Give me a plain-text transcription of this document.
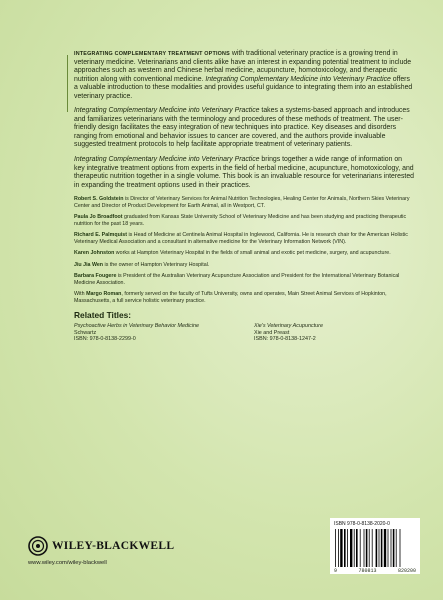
INTEGRATING COMPLEMENTARY TREATMENT OPTIONS with traditional veterinary practice is a growing trend in veterinary medicine. Veterinarians and clients alike have an interest in expanding potential treatment to include approaches such as western and Chinese herbal medicine, acupuncture, homotoxicology, and therapeutic nutrition along with conventional medicine. Integrating Complementary Medicine into Veterinary Practice offers a valuable introduction to these modalities and provides useful guidance to integrating them into an established veterinary practice.

Integrating Complementary Medicine into Veterinary Practice takes a systems-based approach and introduces and familiarizes veterinarians with the terminology and procedures of these methods of treatment. The user-friendly design facilitates the easy integration of new techniques into practice. Key diseases and disorders ranging from emotional and behavior issues to cancer are covered, and the authors provide invaluable suggested treatment protocols to help facilitate appropriate treatment of veterinary patients.

Integrating Complementary Medicine into Veterinary Practice brings together a wide range of information on key integrative treatment options from experts in the field of herbal medicine, acupuncture, homotoxicology, and therapeutic nutrition together in a single volume. This book is an invaluable resource for veterinarians interested in expanding the treatment options used in their practices.

Robert S. Goldstein is Director of Veterinary Services for Animal Nutrition Technologies, Healing Center for Animals, Northern Skies Veterinary Center and Director of Product Development for Earth Animal, all in Westport, CT.

Paula Jo Broadfoot graduated from Kansas State University School of Veterinary Medicine and has been studying and practicing therapeutic nutrition for the past 18 years.

Richard E. Palmquist is Head of Medicine at Centinela Animal Hospital in Inglewood, California. He is research chair for the American Holistic Veterinary Medical Association and a consultant in alternative medicine for the Veterinary Information Network (VIN).

Karen Johnston works at Hampton Veterinary Hospital in the fields of small animal and exotic pet medicine, surgery, and acupuncture.

Jiu Jia Wen is the owner of Hampton Veterinary Hospital.

Barbara Fougere is President of the Australian Veterinary Acupuncture Association and President for the International Veterinary Botanical Medicine Association.

With Margo Roman, formerly served on the faculty of Tufts University, owns and operates, Main Street Animal Services of Hopkinton, Massachusetts, a full service holistic veterinary practice.

Related Titles:
Psychoactive Herbs in Veterinary Behavior Medicine
Schwartz
ISBN: 978-0-8138-2299-0
Xie's Veterinary Acupuncture
Xie and Preast
ISBN: 978-0-8138-1247-2
WILEY-BLACKWELL
www.wiley.com/wiley-blackwell
ISBN 978-0-8138-2020-0
9	780813	820200
